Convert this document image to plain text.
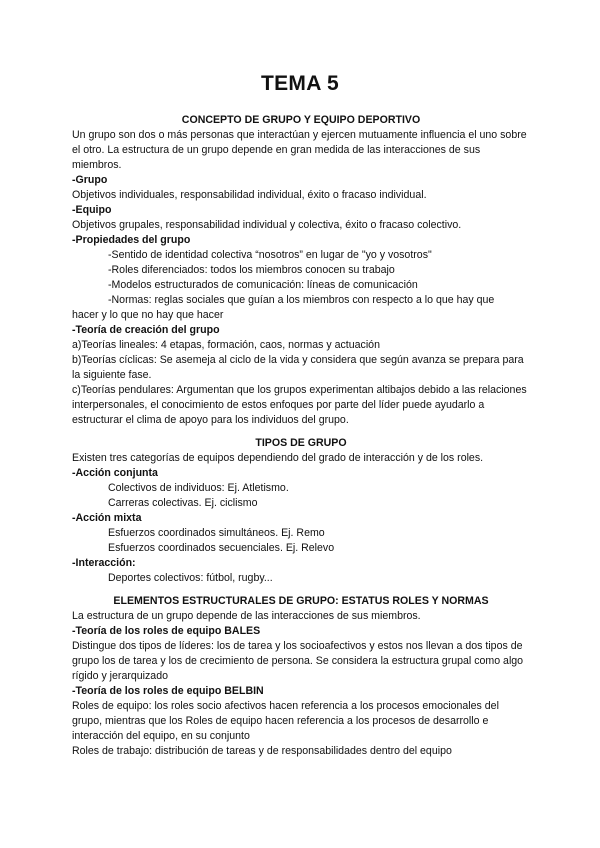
TEMA 5

CONCEPTO DE GRUPO Y EQUIPO DEPORTIVO

Un grupo son dos o más personas que interactúan y ejercen mutuamente influencia el uno sobre el otro. La estructura de un grupo depende en gran medida de las interacciones de sus miembros.

-Grupo

Objetivos individuales, responsabilidad individual, éxito o fracaso individual.

-Equipo

Objetivos grupales, responsabilidad individual y colectiva, éxito o fracaso colectivo.

-Propiedades del grupo

-Sentido de identidad colectiva “nosotros” en lugar de "yo y vosotros"

-Roles diferenciados: todos los miembros conocen su trabajo

-Modelos estructurados de comunicación: líneas de comunicación

-Normas: reglas sociales que guían a los miembros con respecto a lo que hay que

hacer y lo que no hay que hacer

-Teoría de creación del grupo

a)Teorías lineales: 4 etapas, formación, caos, normas y actuación

b)Teorías cíclicas: Se asemeja al ciclo de la vida y considera que según avanza se prepara para la siguiente fase.

c)Teorías pendulares: Argumentan que los grupos experimentan altibajos debido a las relaciones interpersonales, el conocimiento de estos enfoques por parte del líder puede ayudarlo a estructurar el clima de apoyo para los individuos del grupo.

TIPOS DE GRUPO

Existen tres categorías de equipos dependiendo del grado de interacción y de los roles.

-Acción conjunta

Colectivos de individuos: Ej. Atletismo.

Carreras colectivas. Ej. ciclismo

-Acción mixta

Esfuerzos coordinados simultáneos. Ej. Remo

Esfuerzos coordinados secuenciales. Ej. Relevo

-Interacción:

Deportes colectivos: fútbol, rugby...

ELEMENTOS ESTRUCTURALES DE GRUPO: ESTATUS ROLES Y NORMAS

La estructura de un grupo depende de las interacciones de sus miembros.

-Teoría de los roles de equipo BALES

Distingue dos tipos de líderes: los de tarea y los socioafectivos y estos nos llevan a dos tipos de grupo los de tarea y los de crecimiento de persona. Se considera la estructura grupal como algo rígido y jerarquizado

-Teoría de los roles de equipo BELBIN

Roles de equipo: los roles socio afectivos hacen referencia a los procesos emocionales del grupo, mientras que los Roles de equipo hacen referencia a los procesos de desarrollo e interacción del equipo, en su conjunto

Roles de trabajo: distribución de tareas y de responsabilidades dentro del equipo
